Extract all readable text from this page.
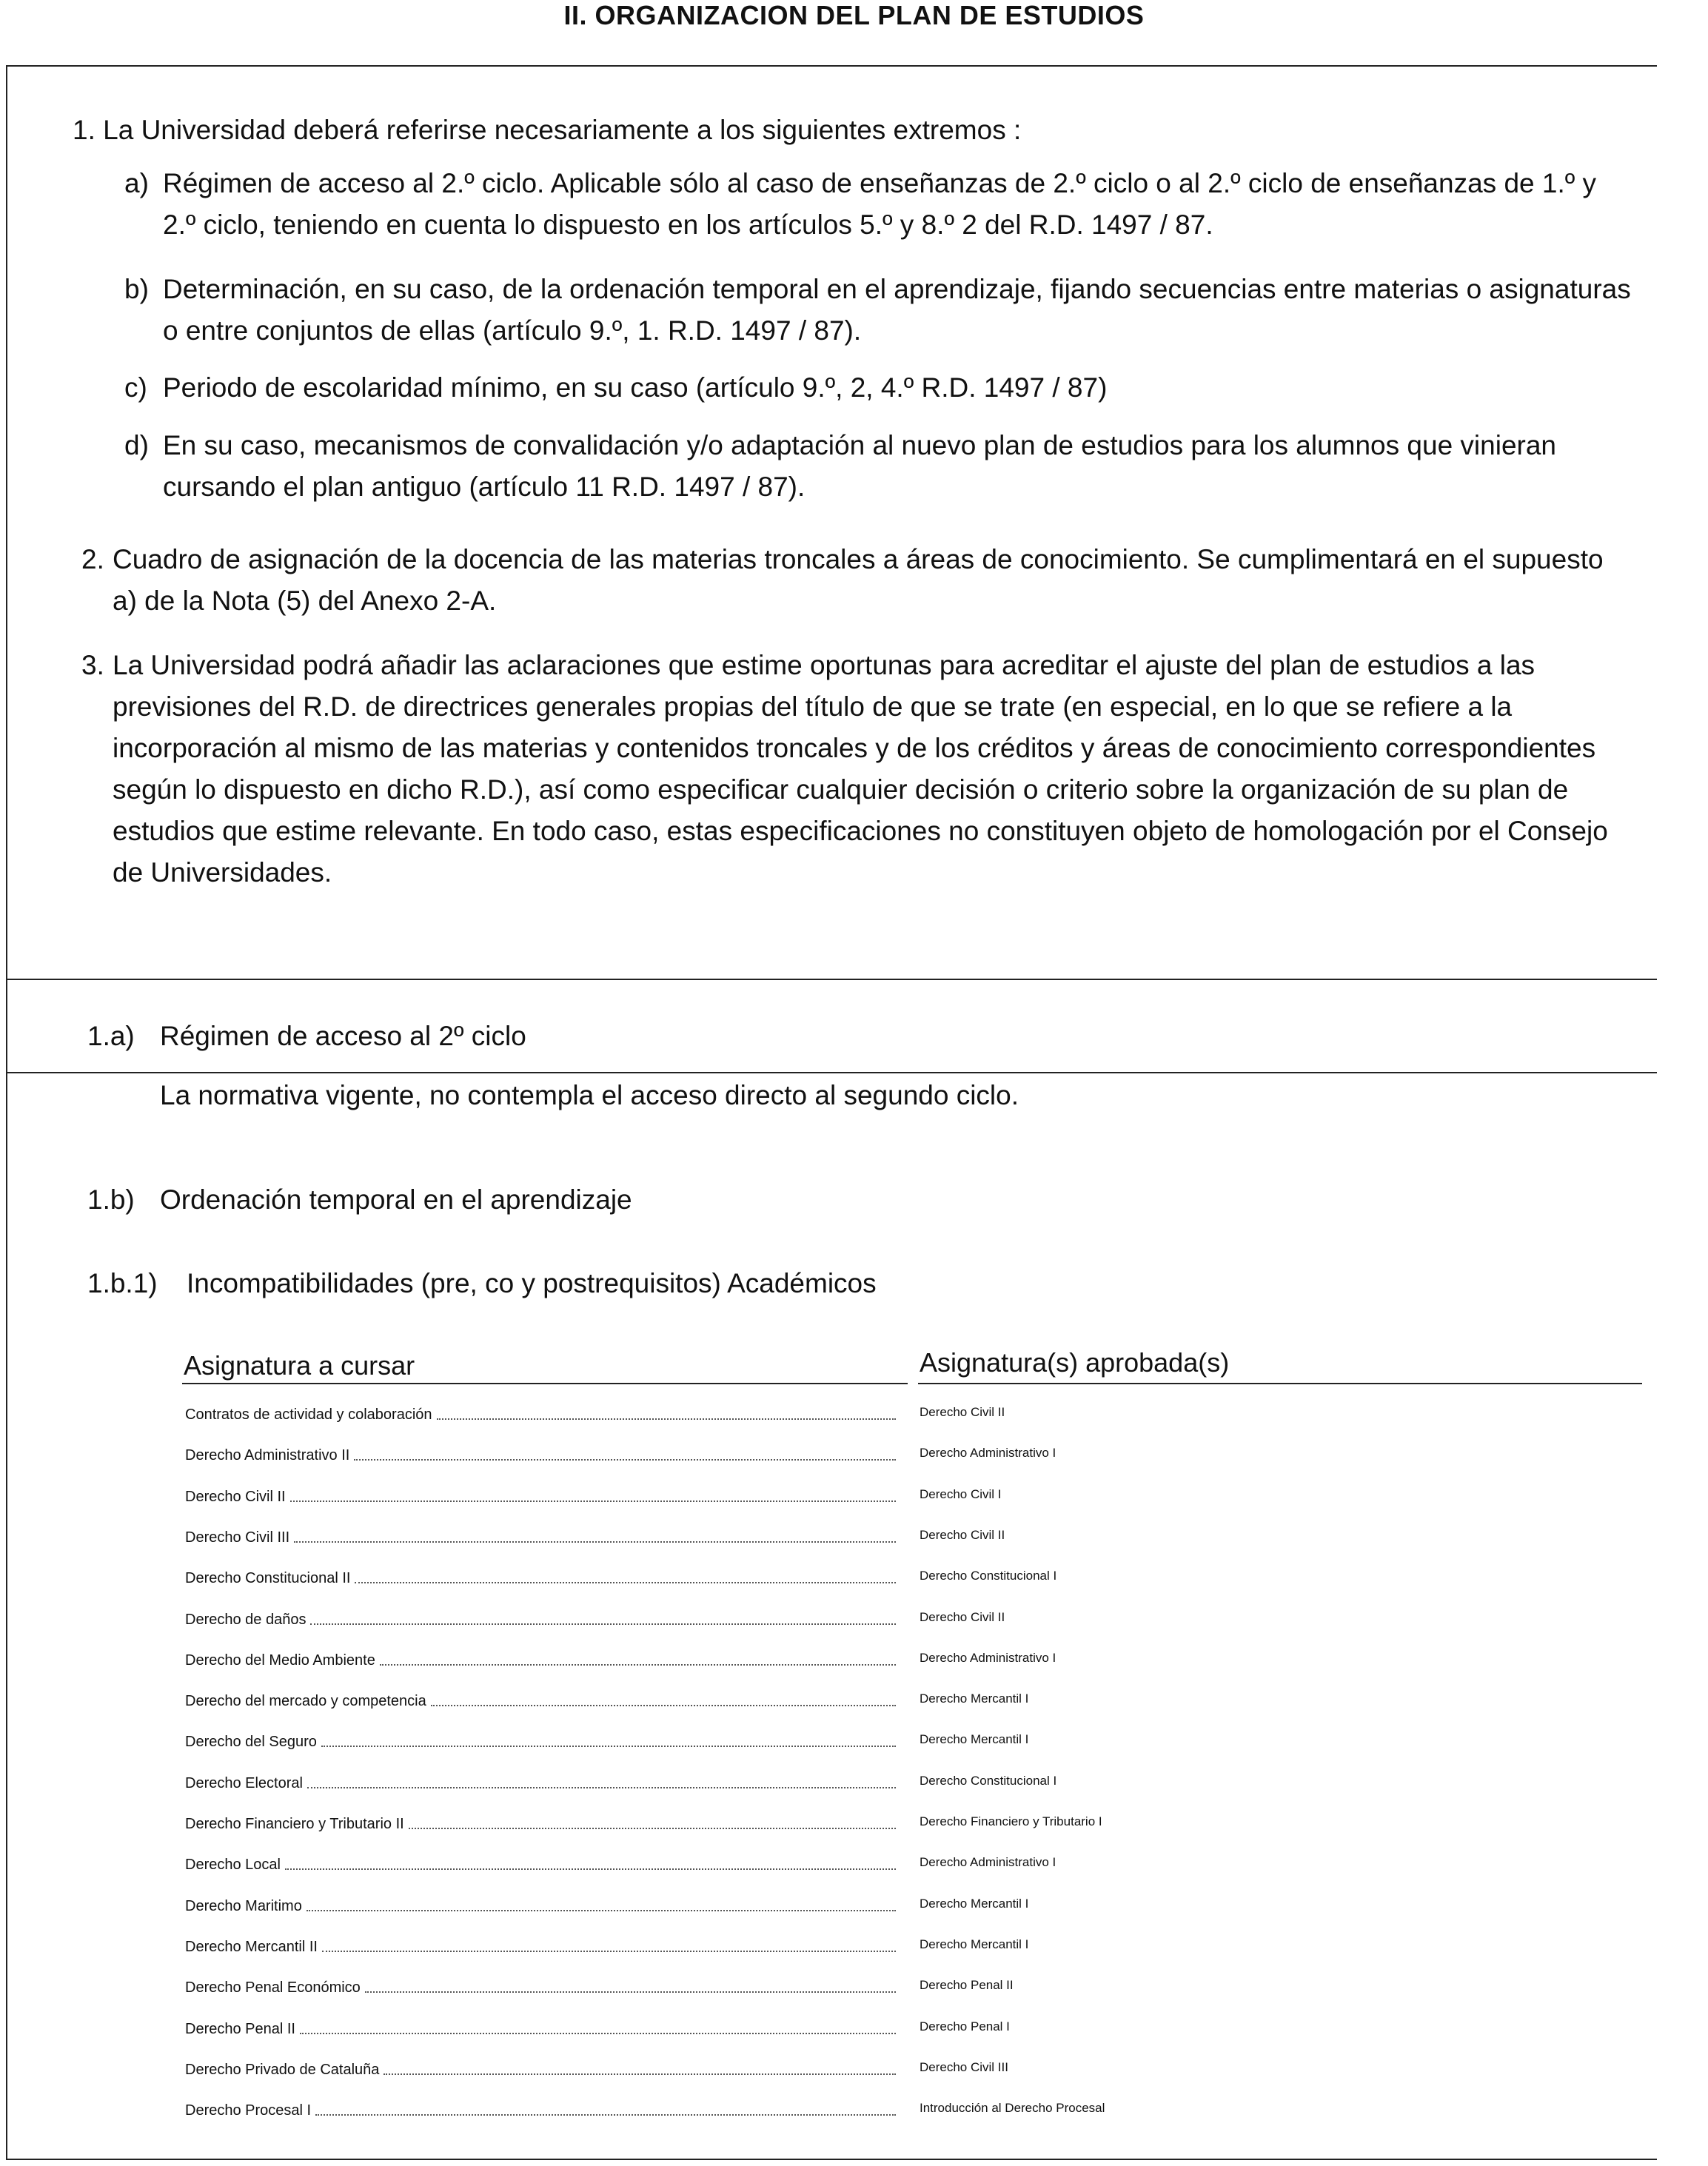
II. ORGANIZACION DEL PLAN DE ESTUDIOS
1. La Universidad deberá referirse necesariamente a los siguientes extremos :
a) Régimen de acceso al 2.º ciclo. Aplicable sólo al caso de enseñanzas de 2.º ciclo o al 2.º ciclo de enseñanzas de 1.º y 2.º ciclo, teniendo en cuenta lo dispuesto en los artículos 5.º y 8.º 2 del R.D. 1497 / 87.
b) Determinación, en su caso, de la ordenación temporal en el aprendizaje, fijando secuencias entre materias o asignaturas o entre conjuntos de ellas (artículo 9.º, 1. R.D. 1497 / 87).
c) Periodo de escolaridad mínimo, en su caso (artículo 9.º, 2, 4.º R.D. 1497 / 87)
d) En su caso, mecanismos de convalidación y/o adaptación al nuevo plan de estudios para los alumnos que vinieran cursando el plan antiguo (artículo 11 R.D. 1497 / 87).
2. Cuadro de asignación de la docencia de las materias troncales a áreas de conocimiento. Se cumplimentará en el supuesto a) de la Nota (5) del Anexo 2-A.
3. La Universidad podrá añadir las aclaraciones que estime oportunas para acreditar el ajuste del plan de estudios a las previsiones del R.D. de directrices generales propias del título de que se trate (en especial, en lo que se refiere a la incorporación al mismo de las materias y contenidos troncales y de los créditos y áreas de conocimiento correspondientes según lo dispuesto en dicho R.D.), así como especificar cualquier decisión o criterio sobre la organización de su plan de estudios que estime relevante. En todo caso, estas especificaciones no constituyen objeto de homologación por el Consejo de Universidades.
1.a) Régimen de acceso al 2º ciclo
La normativa vigente, no contempla el acceso directo al segundo ciclo.
1.b) Ordenación temporal en el aprendizaje
1.b.1) Incompatibilidades (pre, co y postrequisitos) Académicos
Asignatura a cursar	Asignatura(s) aprobada(s)
Contratos de actividad y colaboración	Derecho Civil II
Derecho Administrativo II	Derecho Administrativo I
Derecho Civil II	Derecho Civil I
Derecho Civil III	Derecho Civil II
Derecho Constitucional II	Derecho Constitucional I
Derecho de daños	Derecho Civil II
Derecho del Medio Ambiente	Derecho Administrativo I
Derecho del mercado y competencia	Derecho Mercantil I
Derecho del Seguro	Derecho Mercantil I
Derecho Electoral	Derecho Constitucional I
Derecho Financiero y Tributario II	Derecho Financiero y Tributario I
Derecho Local	Derecho Administrativo I
Derecho Maritimo	Derecho Mercantil I
Derecho Mercantil II	Derecho Mercantil I
Derecho Penal Económico	Derecho Penal II
Derecho Penal II	Derecho Penal I
Derecho Privado de Cataluña	Derecho Civil III
Derecho Procesal I	Introducción al Derecho Procesal
